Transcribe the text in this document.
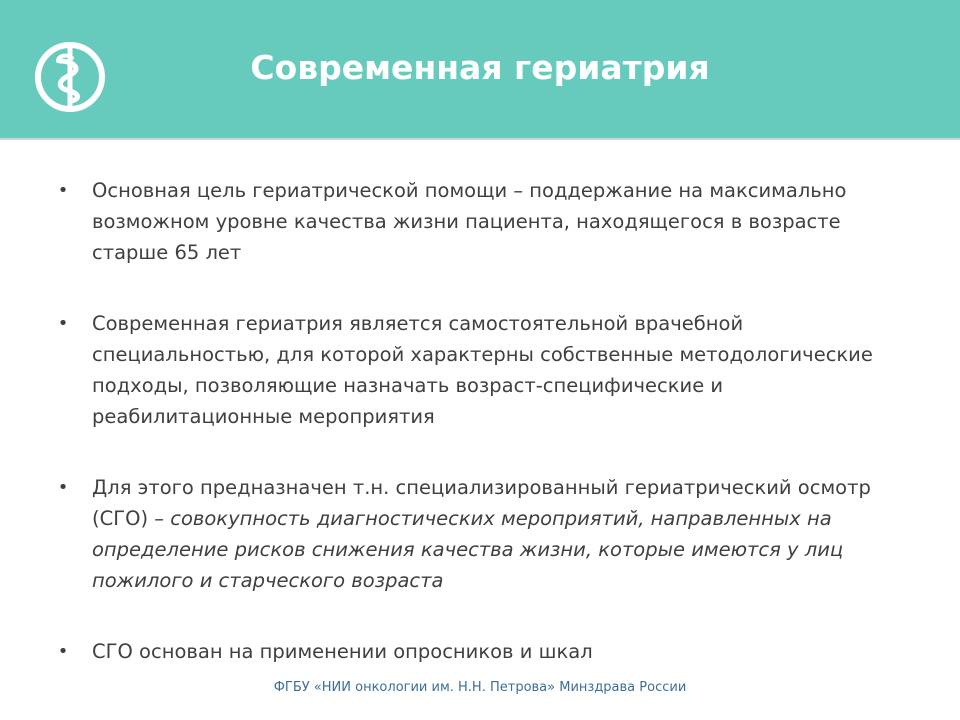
Современная гериатрия
• Основная цель гериатрической помощи – поддержание на максимально возможном уровне качества жизни пациента, находящегося в возрасте старше 65 лет
• Современная гериатрия является самостоятельной врачебной специальностью, для которой характерны собственные методологические подходы, позволяющие назначать возраст-специфические и реабилитационные мероприятия
• Для этого предназначен т.н. специализированный гериатрический осмотр (СГО) – совокупность диагностических мероприятий, направленных на определение рисков снижения качества жизни, которые имеются у лиц пожилого и старческого возраста
• СГО основан на применении опросников и шкал
ФГБУ «НИИ онкологии им. Н.Н. Петрова» Минздрава России
